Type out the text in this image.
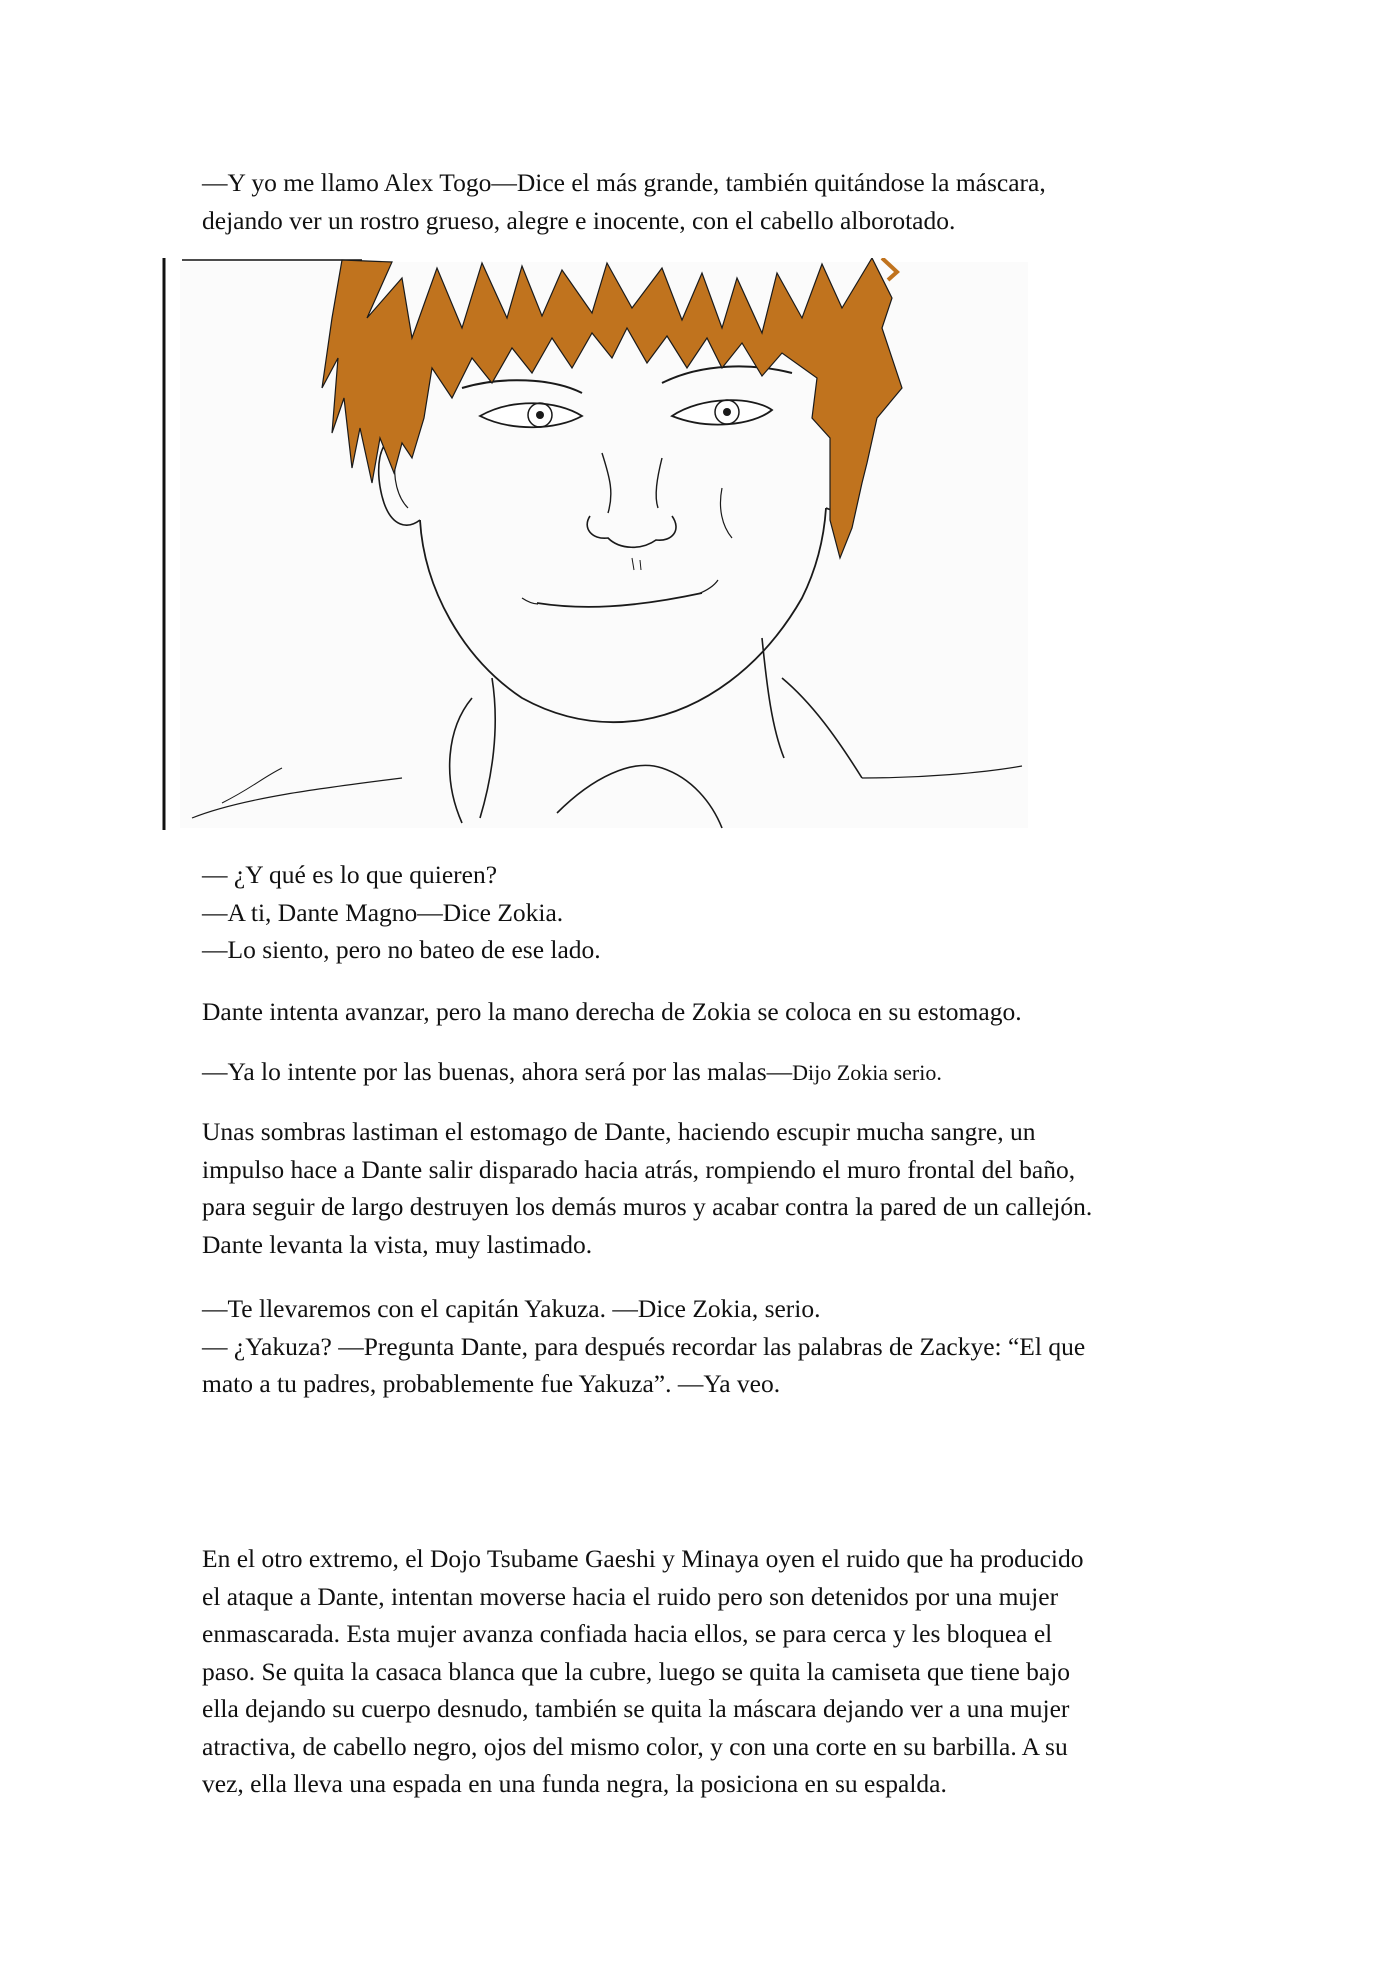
—Y yo me llamo Alex Togo—Dice el más grande, también quitándose la máscara,

dejando ver un rostro grueso, alegre e inocente, con el cabello alborotado.

— ¿Y qué es lo que quieren?

—A ti, Dante Magno—Dice Zokia.

—Lo siento, pero no bateo de ese lado.

Dante intenta avanzar, pero la mano derecha de Zokia se coloca en su estomago.

—Ya lo intente por las buenas, ahora será por las malas—Dijo Zokia serio.

Unas sombras lastiman el estomago de Dante, haciendo escupir mucha sangre, un

impulso hace a Dante salir disparado hacia atrás, rompiendo el muro frontal del baño,

para seguir de largo destruyen los demás muros y acabar contra la pared de un callejón.

Dante levanta la vista, muy lastimado.

—Te llevaremos con el capitán Yakuza. —Dice Zokia, serio.

— ¿Yakuza? —Pregunta Dante, para después recordar las palabras de Zackye: “El que

mato a tu padres, probablemente fue Yakuza”. —Ya veo.

En el otro extremo, el Dojo Tsubame Gaeshi y Minaya oyen el ruido que ha producido

el ataque a Dante, intentan moverse hacia el ruido pero son detenidos por una mujer

enmascarada. Esta mujer avanza confiada hacia ellos, se para cerca y les bloquea el

paso. Se quita la casaca blanca que la cubre, luego se quita la camiseta que tiene bajo

ella dejando su cuerpo desnudo, también se quita la máscara dejando ver a una mujer

atractiva, de cabello negro, ojos del mismo color, y con una corte en su barbilla. A su

vez, ella lleva una espada en una funda negra, la posiciona en su espalda.
